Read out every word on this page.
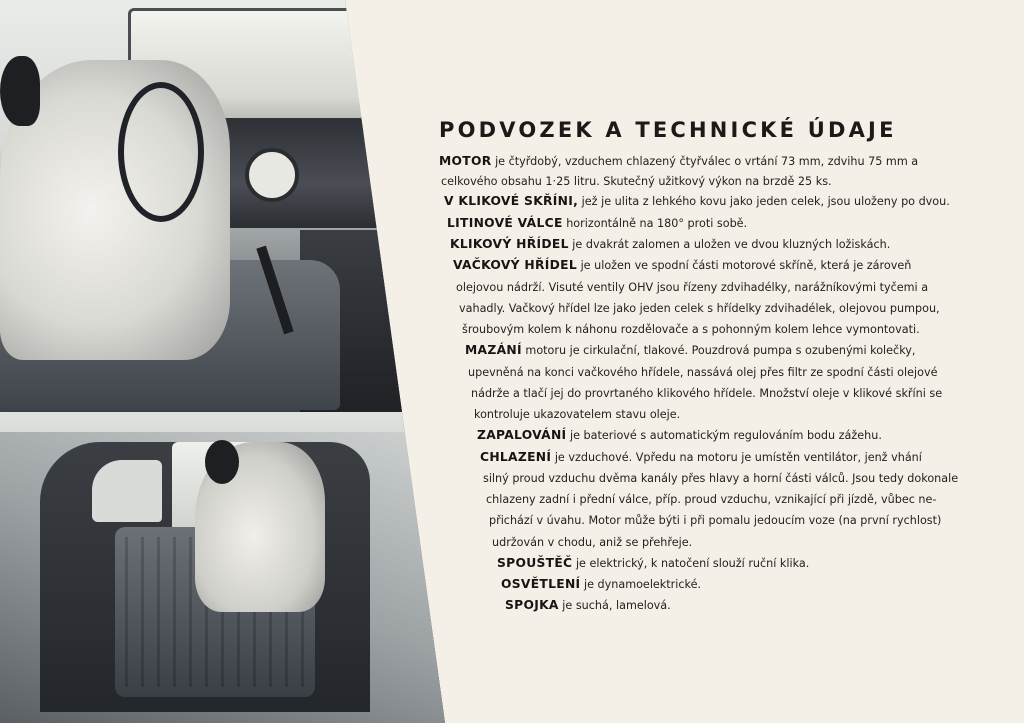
PODVOZEK A TECHNICKÉ ÚDAJE
MOTOR je čtyřdobý, vzduchem chlazený čtyřválec o vrtání 73 mm, zdvihu 75 mm a
celkového obsahu 1·25 litru. Skutečný užitkový výkon na brzdě 25 ks.
V KLIKOVÉ SKŘÍNI, jež je ulita z lehkého kovu jako jeden celek, jsou uloženy po dvou.
LITINOVÉ VÁLCE horizontálně na 180° proti sobě.
KLIKOVÝ HŘÍDEL je dvakrát zalomen a uložen ve dvou kluzných ložiskách.
VAČKOVÝ HŘÍDEL je uložen ve spodní části motorové skříně, která je zároveň
olejovou nádrží. Visuté ventily OHV jsou řízeny zdvihadélky, narážníkovými tyčemi a
vahadly. Vačkový hřídel lze jako jeden celek s hřídelky zdvihadélek, olejovou pumpou,
šroubovým kolem k náhonu rozdělovače a s pohonným kolem lehce vymontovati.
MAZÁNÍ motoru je cirkulační, tlakové. Pouzdrová pumpa s ozubenými kolečky,
upevněná na konci vačkového hřídele, nassává olej přes filtr ze spodní části olejové
nádrže a tlačí jej do provrtaného klikového hřídele. Množství oleje v klikové skříni se
kontroluje ukazovatelem stavu oleje.
ZAPALOVÁNÍ je bateriové s automatickým regulováním bodu zážehu.
CHLAZENÍ je vzduchové. Vpředu na motoru je umístěn ventilátor, jenž vhání
silný proud vzduchu dvěma kanály přes hlavy a horní části válců. Jsou tedy dokonale
chlazeny zadní i přední válce, příp. proud vzduchu, vznikající při jízdě, vůbec ne-
přichází v úvahu. Motor může býti i při pomalu jedoucím voze (na první rychlost)
udržován v chodu, aniž se přehřeje.
SPOUŠTĚČ je elektrický, k natočení slouží ruční klika.
OSVĚTLENÍ je dynamoelektrické.
SPOJKA je suchá, lamelová.
